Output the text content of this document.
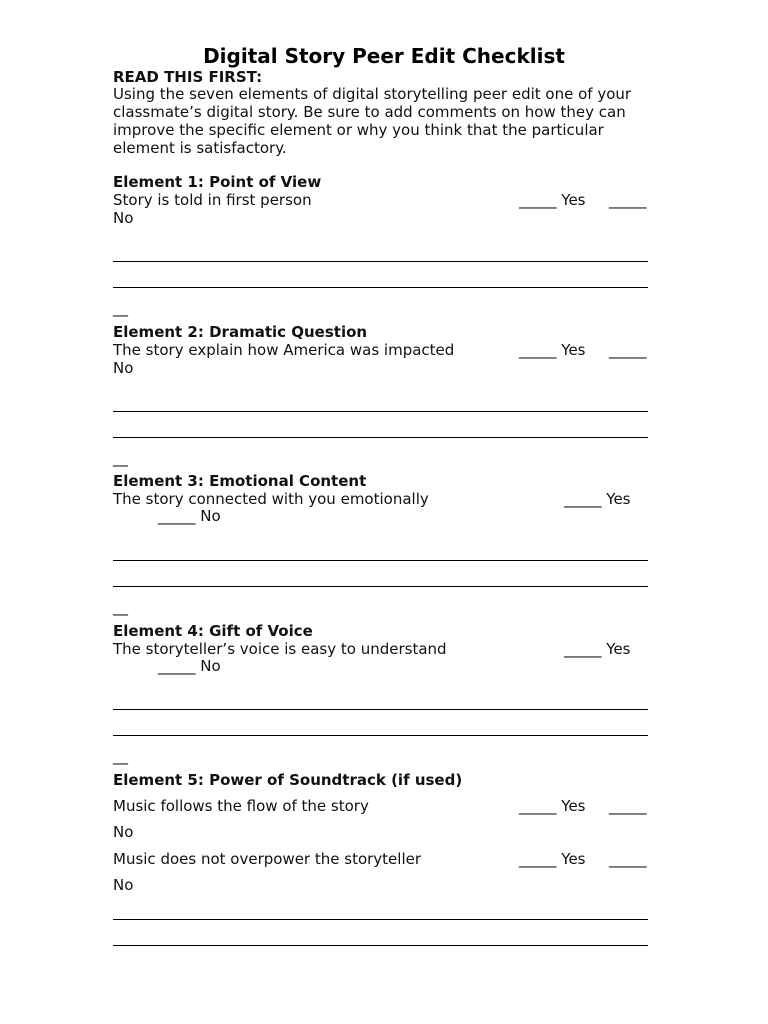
Digital Story Peer Edit Checklist
READ THIS FIRST:
Using the seven elements of digital storytelling peer edit one of your
classmate’s digital story. Be sure to add comments on how they can
improve the specific element or why you think that the particular
element is satisfactory.
Element 1: Point of View
Story is told in first person	_____ Yes _____
No
__
Element 2: Dramatic Question
The story explain how America was impacted	_____ Yes _____
No
__
Element 3: Emotional Content
The story connected with you emotionally	_____ Yes
_____ No
__
Element 4: Gift of Voice
The storyteller’s voice is easy to understand	_____ Yes
_____ No
__
Element 5: Power of Soundtrack (if used)
Music follows the flow of the story	_____ Yes _____
No
Music does not overpower the storyteller	_____ Yes _____
No
